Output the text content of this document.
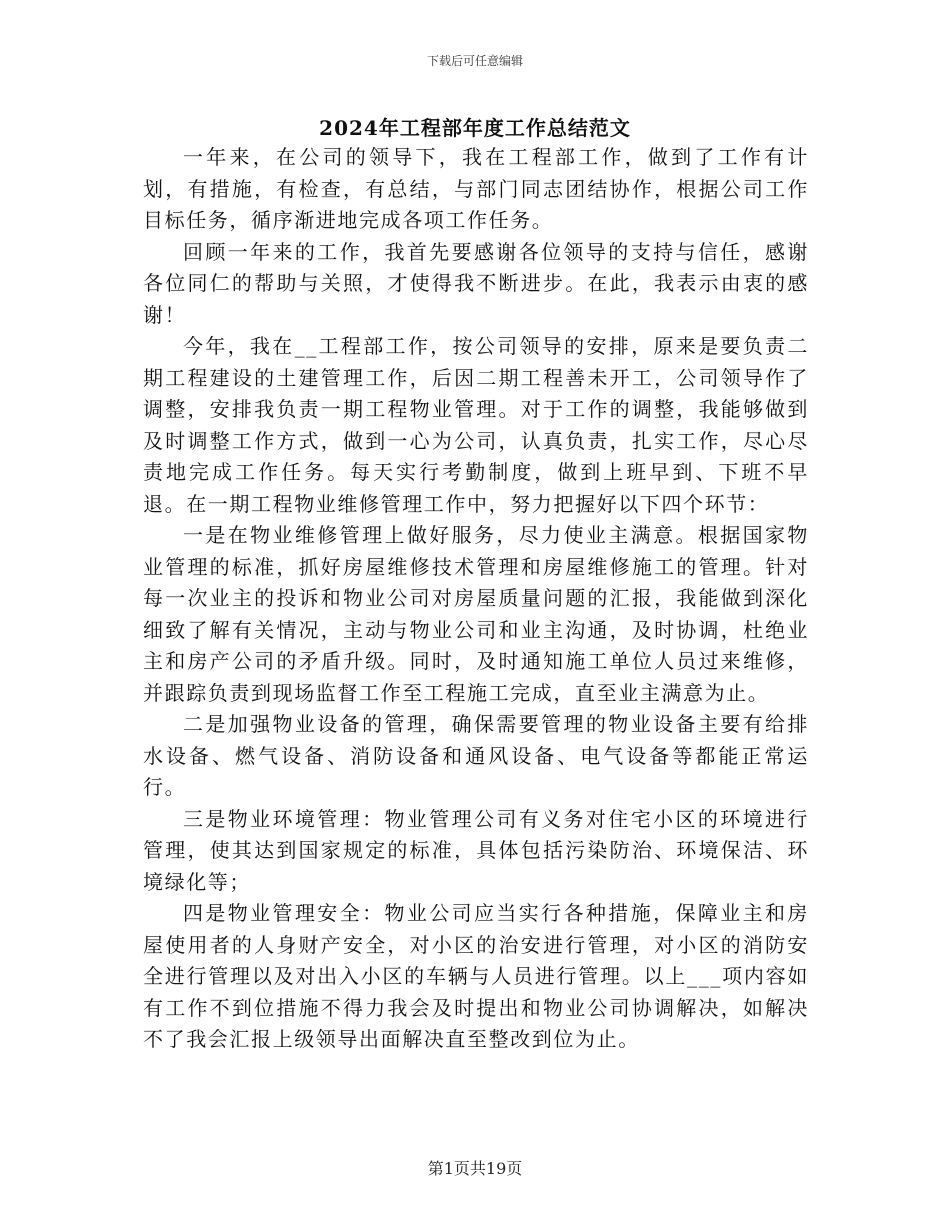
下载后可任意编辑
2024年工程部年度工作总结范文

一年来，在公司的领导下，我在工程部工作，做到了工作有计划，有措施，有检查，有总结，与部门同志团结协作，根据公司工作目标任务，循序渐进地完成各项工作任务。

回顾一年来的工作，我首先要感谢各位领导的支持与信任，感谢各位同仁的帮助与关照，才使得我不断进步。在此，我表示由衷的感谢！

今年，我在__工程部工作，按公司领导的安排，原来是要负责二期工程建设的土建管理工作，后因二期工程善未开工，公司领导作了调整，安排我负责一期工程物业管理。对于工作的调整，我能够做到及时调整工作方式，做到一心为公司，认真负责，扎实工作，尽心尽责地完成工作任务。每天实行考勤制度，做到上班早到、下班不早退。在一期工程物业维修管理工作中，努力把握好以下四个环节：

一是在物业维修管理上做好服务，尽力使业主满意。根据国家物业管理的标准，抓好房屋维修技术管理和房屋维修施工的管理。针对每一次业主的投诉和物业公司对房屋质量问题的汇报，我能做到深化细致了解有关情况，主动与物业公司和业主沟通，及时协调，杜绝业主和房产公司的矛盾升级。同时，及时通知施工单位人员过来维修，并跟踪负责到现场监督工作至工程施工完成，直至业主满意为止。

二是加强物业设备的管理，确保需要管理的物业设备主要有给排水设备、燃气设备、消防设备和通风设备、电气设备等都能正常运行。

三是物业环境管理：物业管理公司有义务对住宅小区的环境进行管理，使其达到国家规定的标准，具体包括污染防治、环境保洁、环境绿化等；

四是物业管理安全：物业公司应当实行各种措施，保障业主和房屋使用者的人身财产安全，对小区的治安进行管理，对小区的消防安全进行管理以及对出入小区的车辆与人员进行管理。以上___项内容如有工作不到位措施不得力我会及时提出和物业公司协调解决，如解决不了我会汇报上级领导出面解决直至整改到位为止。

第1页共19页
